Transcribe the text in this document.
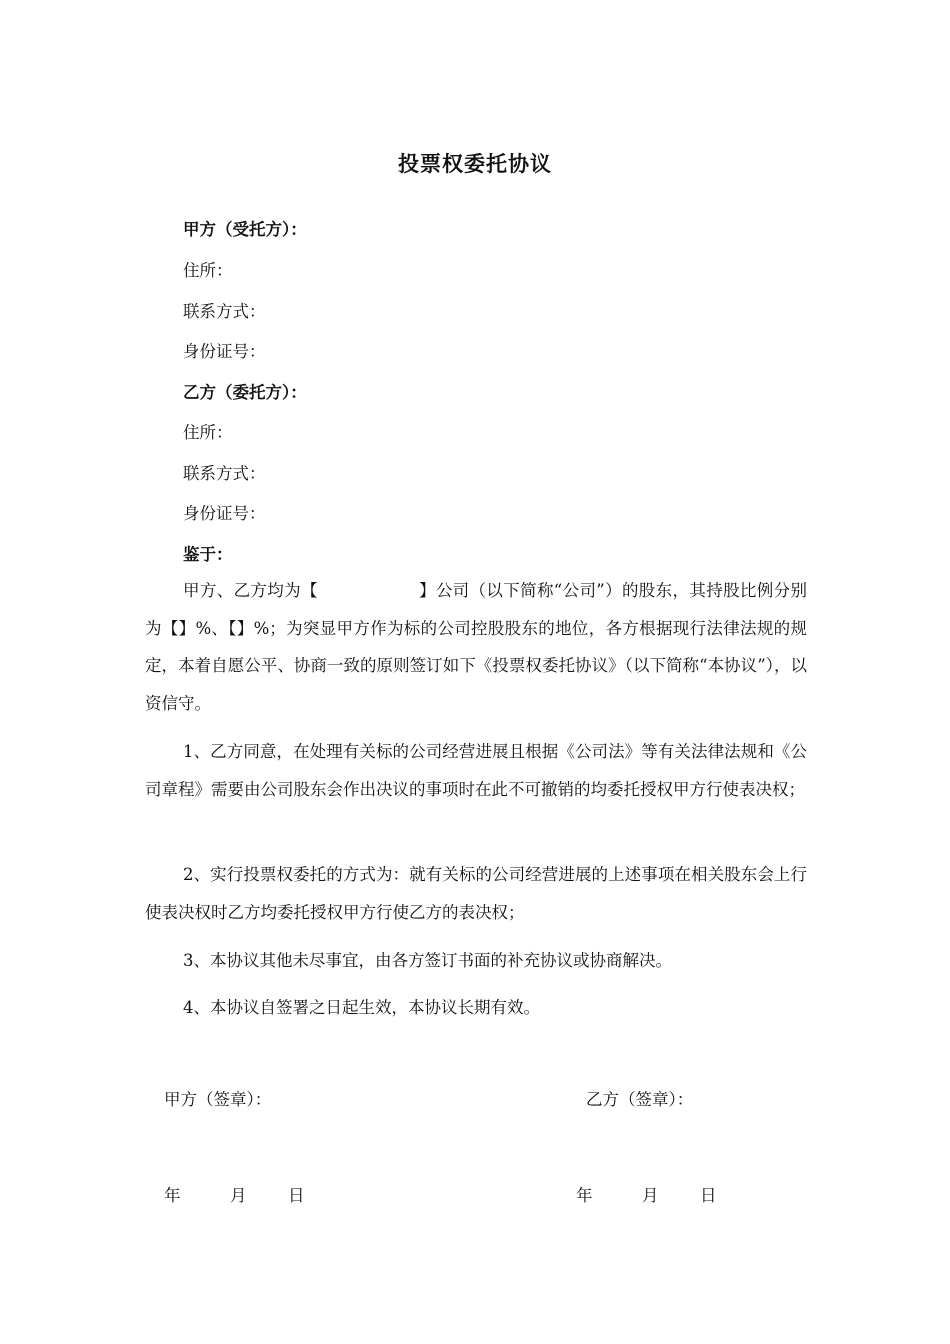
投票权委托协议
甲方（受托方）：
住所：
联系方式：
身份证号：
乙方（委托方）：
住所：
联系方式：
身份证号：
鉴于：

甲方、乙方均为【　　　　　　】公司（以下简称“公司”）的股东，其持股比例分别为【】%、【】%；为突显甲方作为标的公司控股股东的地位，各方根据现行法律法规的规定，本着自愿公平、协商一致的原则签订如下《投票权委托协议》（以下简称“本协议”），以资信守。

1、乙方同意，在处理有关标的公司经营进展且根据《公司法》等有关法律法规和《公司章程》需要由公司股东会作出决议的事项时在此不可撤销的均委托授权甲方行使表决权；

2、实行投票权委托的方式为：就有关标的公司经营进展的上述事项在相关股东会上行使表决权时乙方均委托授权甲方行使乙方的表决权；

3、本协议其他未尽事宜，由各方签订书面的补充协议或协商解决。

4、本协议自签署之日起生效，本协议长期有效。

甲方（签章）：	乙方（签章）：
年	月	日	年	月	日
